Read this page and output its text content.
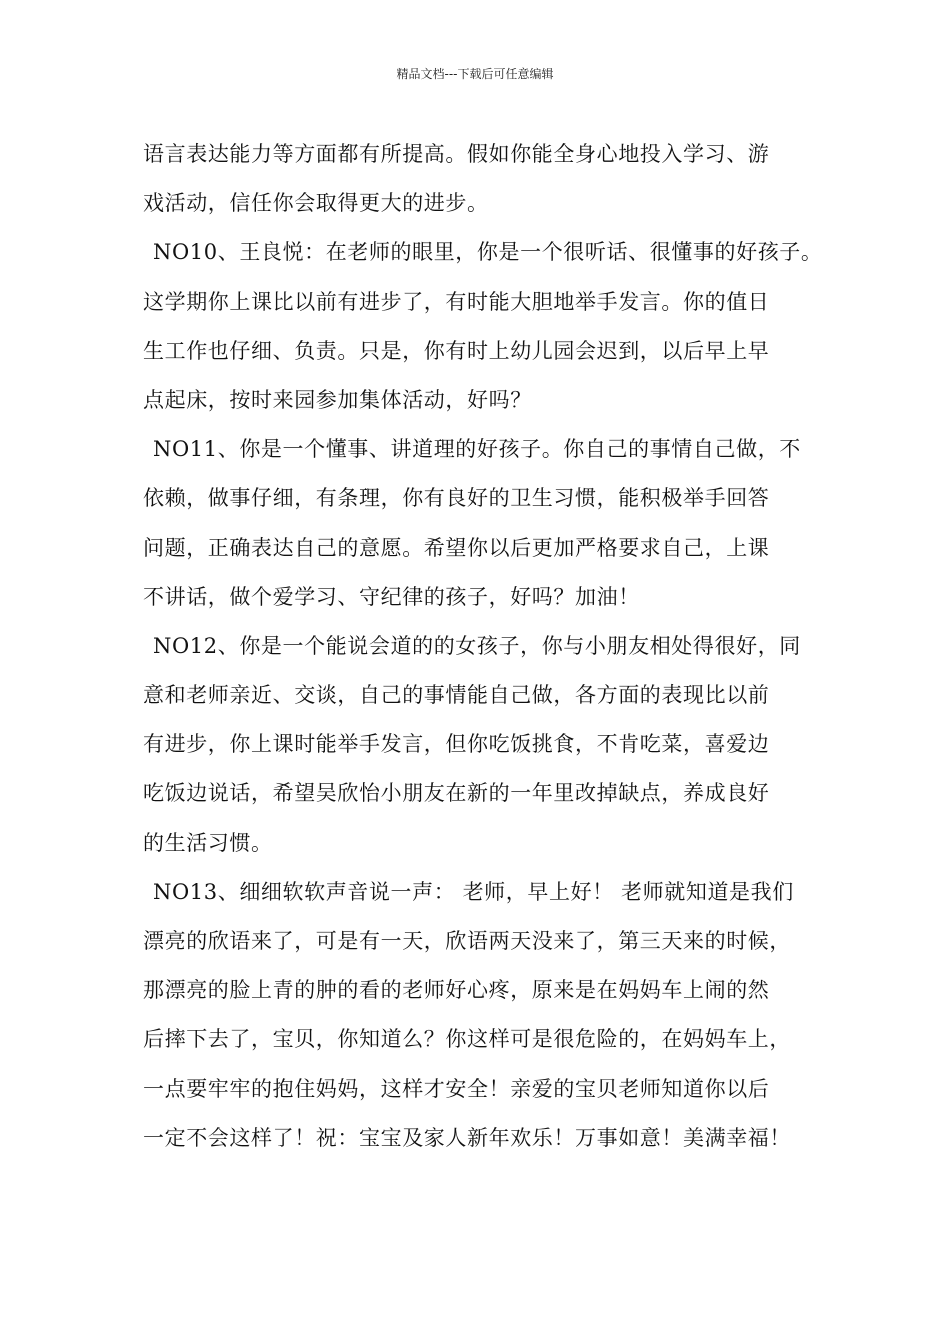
精品文档---下载后可任意编辑
语言表达能力等方面都有所提高。假如你能全身心地投入学习、游
戏活动，信任你会取得更大的进步。
NO10、王良悦：在老师的眼里，你是一个很听话、很懂事的好孩子。
这学期你上课比以前有进步了，有时能大胆地举手发言。你的值日
生工作也仔细、负责。只是，你有时上幼儿园会迟到，以后早上早
点起床，按时来园参加集体活动，好吗？
NO11、你是一个懂事、讲道理的好孩子。你自己的事情自己做，不
依赖，做事仔细，有条理，你有良好的卫生习惯，能积极举手回答
问题，正确表达自己的意愿。希望你以后更加严格要求自己，上课
不讲话，做个爱学习、守纪律的孩子，好吗？加油！
NO12、你是一个能说会道的的女孩子，你与小朋友相处得很好，同
意和老师亲近、交谈，自己的事情能自己做，各方面的表现比以前
有进步，你上课时能举手发言，但你吃饭挑食，不肯吃菜，喜爱边
吃饭边说话，希望吴欣怡小朋友在新的一年里改掉缺点，养成良好
的生活习惯。
NO13、细细软软声音说一声： 老师，早上好！ 老师就知道是我们
漂亮的欣语来了，可是有一天，欣语两天没来了，第三天来的时候，
那漂亮的脸上青的肿的看的老师好心疼，原来是在妈妈车上闹的然
后摔下去了，宝贝，你知道么？你这样可是很危险的，在妈妈车上，
一点要牢牢的抱住妈妈，这样才安全！亲爱的宝贝老师知道你以后
一定不会这样了！祝：宝宝及家人新年欢乐！万事如意！美满幸福！
